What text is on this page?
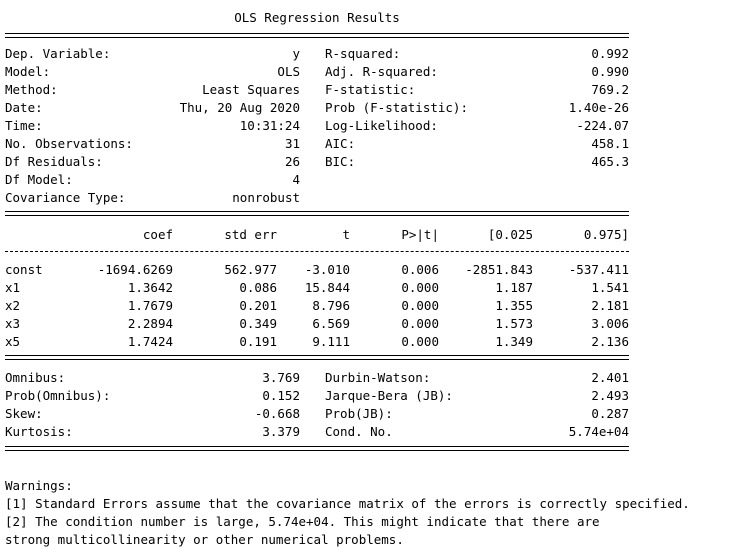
OLS Regression Results
Dep. Variable:	y R-squared:	0.992
Model:	OLS Adj. R-squared:	0.990
Method:	Least Squares F-statistic:	769.2
Date:	Thu, 20 Aug 2020 Prob (F-statistic):	1.40e-26
Time:	10:31:24 Log-Likelihood:	-224.07
No. Observations:	31 AIC:	458.1
Df Residuals:	26 BIC:	465.3
Df Model:	4
Covariance Type:	nonrobust
coef	std err	t	P>|t|	[0.025	0.975]
const	-1694.6269	562.977	-3.010	0.006	-2851.843	-537.411
x1	1.3642	0.086	15.844	0.000	1.187	1.541
x2	1.7679	0.201	8.796	0.000	1.355	2.181
x3	2.2894	0.349	6.569	0.000	1.573	3.006
x5	1.7424	0.191	9.111	0.000	1.349	2.136
Omnibus:	3.769 Durbin-Watson:	2.401
Prob(Omnibus):	0.152 Jarque-Bera (JB):	2.493
Skew:	-0.668 Prob(JB):	0.287
Kurtosis:	3.379 Cond. No.	5.74e+04
Warnings:
[1] Standard Errors assume that the covariance matrix of the errors is correctly specified.
[2] The condition number is large, 5.74e+04. This might indicate that there are
strong multicollinearity or other numerical problems.
